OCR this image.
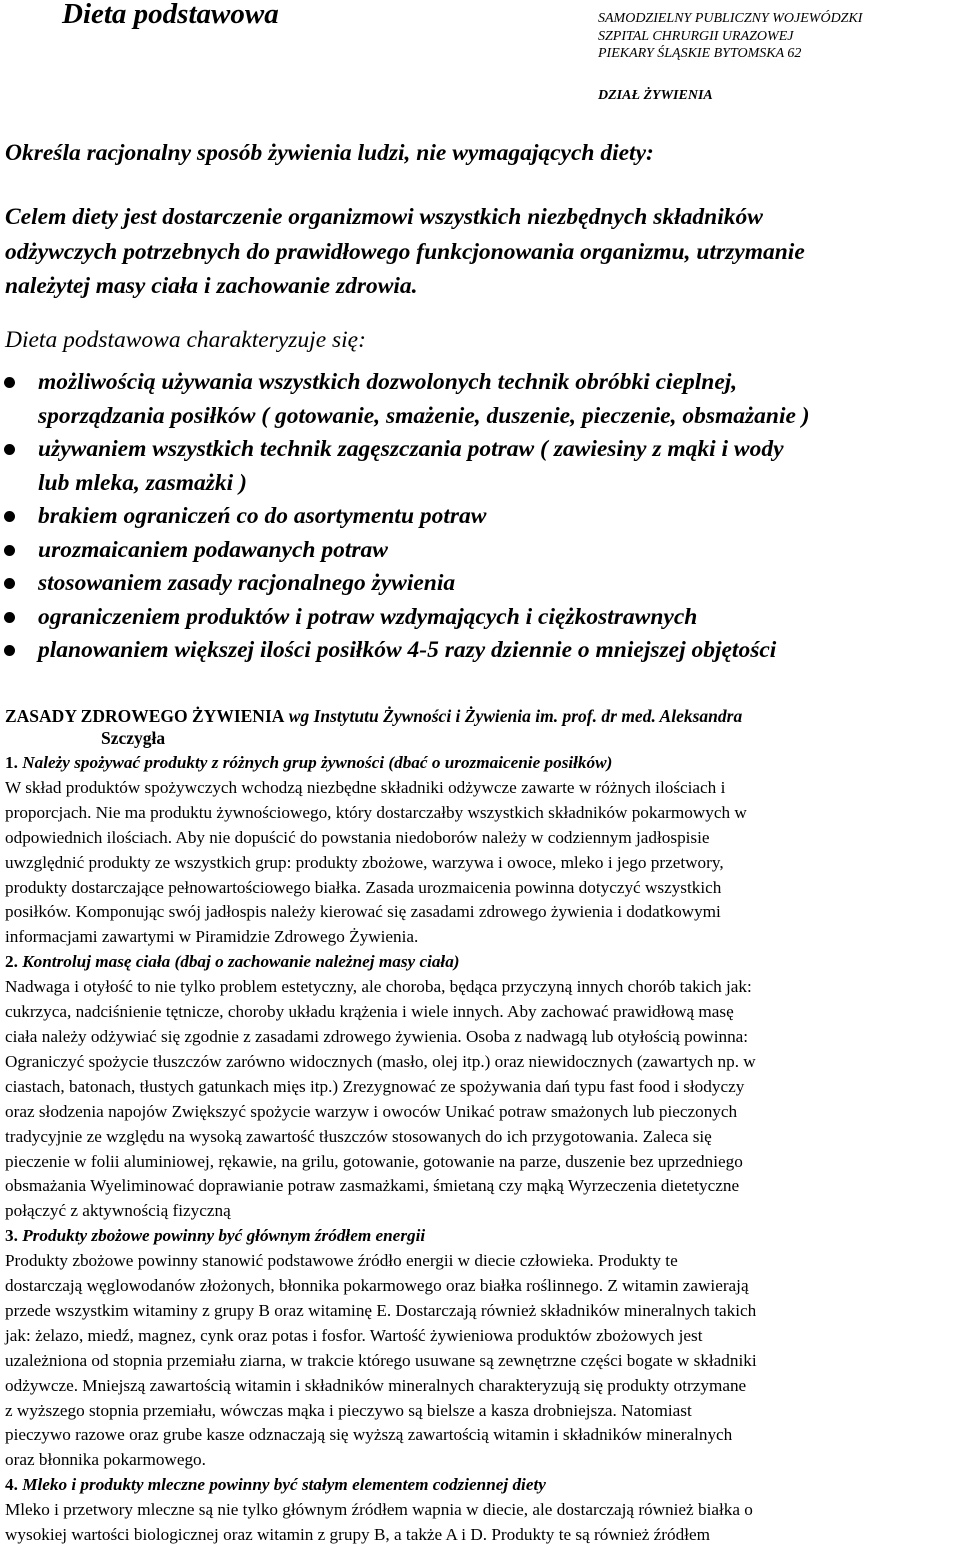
Dieta podstawowa	SAMODZIELNY PUBLICZNY WOJEWÓDZKI
SZPITAL CHRURGII URAZOWEJ
PIEKARY ŚLĄSKIE BYTOMSKA 62
DZIAŁ ŻYWIENIA
Określa racjonalny sposób żywienia ludzi, nie wymagających diety:
Celem diety jest dostarczenie organizmowi wszystkich niezbędnych składników
odżywczych potrzebnych do prawidłowego funkcjonowania organizmu, utrzymanie
należytej masy ciała i zachowanie zdrowia.
Dieta podstawowa charakteryzuje się:
możliwością używania wszystkich dozwolonych technik obróbki cieplnej,
sporządzania posiłków ( gotowanie, smażenie, duszenie, pieczenie, obsmażanie )
używaniem wszystkich technik zagęszczania potraw ( zawiesiny z mąki i wody
lub mleka, zasmażki )
brakiem ograniczeń co do asortymentu potraw
urozmaicaniem podawanych potraw
stosowaniem zasady racjonalnego żywienia
ograniczeniem produktów i potraw wzdymających i ciężkostrawnych
planowaniem większej ilości posiłków 4-5 razy dziennie o mniejszej objętości
ZASADY ZDROWEGO ŻYWIENIA wg Instytutu Żywności i Żywienia im. prof. dr med. Aleksandra
Szczygła
1. Należy spożywać produkty z różnych grup żywności (dbać o urozmaicenie posiłków)
W skład produktów spożywczych wchodzą niezbędne składniki odżywcze zawarte w różnych ilościach i
proporcjach. Nie ma produktu żywnościowego, który dostarczałby wszystkich składników pokarmowych w
odpowiednich ilościach. Aby nie dopuścić do powstania niedoborów należy w codziennym jadłospisie
uwzględnić produkty ze wszystkich grup: produkty zbożowe, warzywa i owoce, mleko i jego przetwory,
produkty dostarczające pełnowartościowego białka. Zasada urozmaicenia powinna dotyczyć wszystkich
posiłków. Komponując swój jadłospis należy kierować się zasadami zdrowego żywienia i dodatkowymi
informacjami zawartymi w Piramidzie Zdrowego Żywienia.
2. Kontroluj masę ciała (dbaj o zachowanie należnej masy ciała)
Nadwaga i otyłość to nie tylko problem estetyczny, ale choroba, będąca przyczyną innych chorób takich jak:
cukrzyca, nadciśnienie tętnicze, choroby układu krążenia i wiele innych. Aby zachować prawidłową masę
ciała należy odżywiać się zgodnie z zasadami zdrowego żywienia. Osoba z nadwagą lub otyłością powinna:
Ograniczyć spożycie tłuszczów zarówno widocznych (masło, olej itp.) oraz niewidocznych (zawartych np. w
ciastach, batonach, tłustych gatunkach mięs itp.) Zrezygnować ze spożywania dań typu fast food i słodyczy
oraz słodzenia napojów Zwiększyć spożycie warzyw i owoców Unikać potraw smażonych lub pieczonych
tradycyjnie ze względu na wysoką zawartość tłuszczów stosowanych do ich przygotowania. Zaleca się
pieczenie w folii aluminiowej, rękawie, na grilu, gotowanie, gotowanie na parze, duszenie bez uprzedniego
obsmażania Wyeliminować doprawianie potraw zasmażkami, śmietaną czy mąką Wyrzeczenia dietetyczne
połączyć z aktywnością fizyczną
3. Produkty zbożowe powinny być głównym źródłem energii
Produkty zbożowe powinny stanowić podstawowe źródło energii w diecie człowieka. Produkty te
dostarczają węglowodanów złożonych, błonnika pokarmowego oraz białka roślinnego. Z witamin zawierają
przede wszystkim witaminy z grupy B oraz witaminę E. Dostarczają również składników mineralnych takich
jak: żelazo, miedź, magnez, cynk oraz potas i fosfor. Wartość żywieniowa produktów zbożowych jest
uzależniona od stopnia przemiału ziarna, w trakcie którego usuwane są zewnętrzne części bogate w składniki
odżywcze. Mniejszą zawartością witamin i składników mineralnych charakteryzują się produkty otrzymane
z wyższego stopnia przemiału, wówczas mąka i pieczywo są bielsze a kasza drobniejsza. Natomiast
pieczywo razowe oraz grube kasze odznaczają się wyższą zawartością witamin i składników mineralnych
oraz błonnika pokarmowego.
4. Mleko i produkty mleczne powinny być stałym elementem codziennej diety
Mleko i przetwory mleczne są nie tylko głównym źródłem wapnia w diecie, ale dostarczają również białka o
wysokiej wartości biologicznej oraz witamin z grupy B, a także A i D. Produkty te są również źródłem
